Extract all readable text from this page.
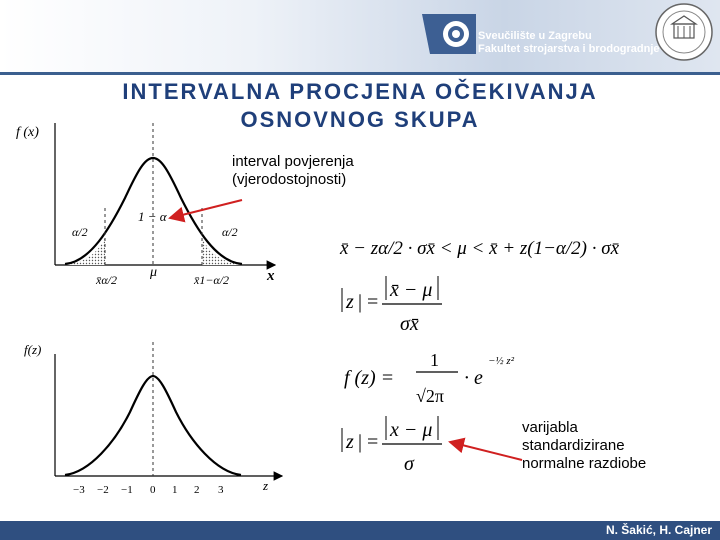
Sveučilište u Zagrebu
Fakultet strojarstva i brodogradnje
INTERVALNA PROCJENA OČEKIVANJA
OSNOVNOG SKUPA
f (x)
x
1 − α
α/2	α/2
μ
x̄α/2	x̄1−α/2
interval povjerenja
(vjerodostojnosti)
f(z)
z
−3 −2 −1 0 1 2 3
x̄ − zα/2 · σx̄ < μ < x̄ + z(1−α/2) · σx̄
|z| = |x̄ − μ| / σx̄
z | =
x̄ − μ
σx̄
f(z) = 1/√(2π) · e^(−½ z²)
f (z) =
1
√2π
· e
−½ z²
|z| = |x − μ| / σ
z | =
x − μ
σ
varijabla
standardizirane
normalne razdiobe
N. Šakić, H. Cajner
